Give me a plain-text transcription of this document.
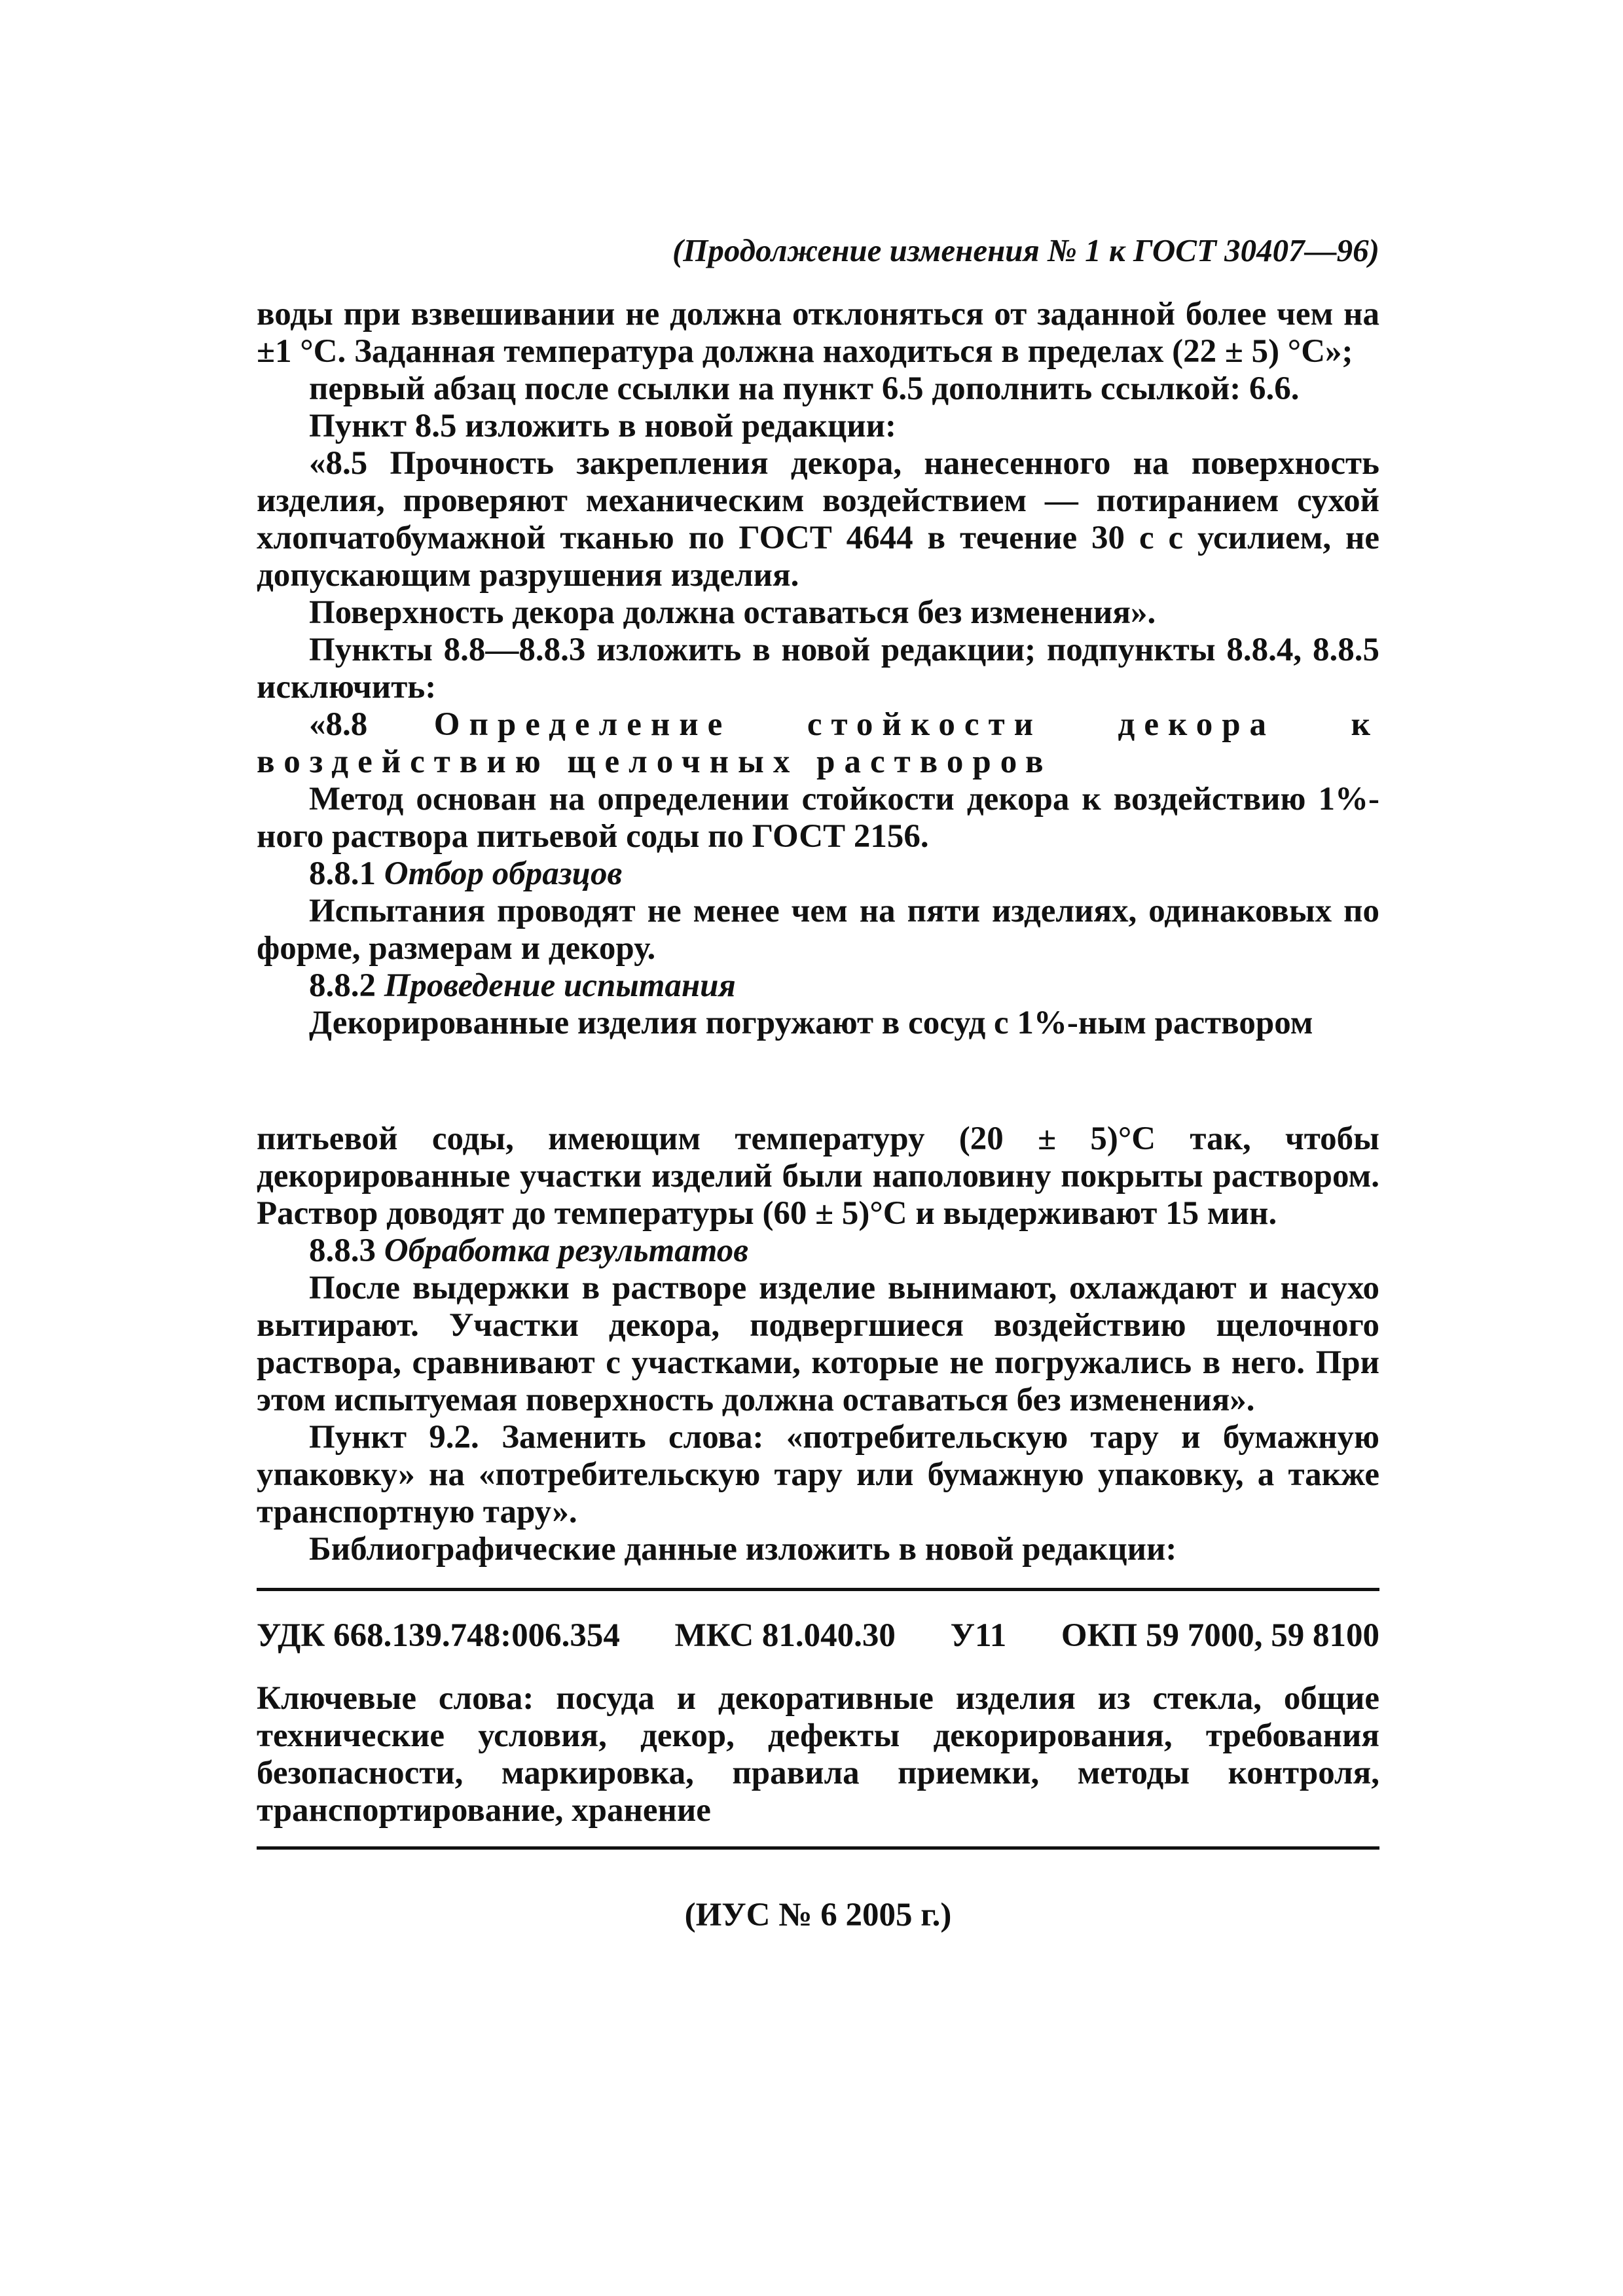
(Продолжение изменения № 1 к ГОСТ 30407—96)

воды при взвешивании не должна отклоняться от заданной более чем на ±1 °С. Заданная температура должна находиться в пределах (22 ± 5) °С»;

первый абзац после ссылки на пункт 6.5 дополнить ссылкой: 6.6.

Пункт 8.5 изложить в новой редакции:

«8.5 Прочность закрепления декора, нанесенного на поверхность изделия, проверяют механическим воздействием — потиранием сухой хлопчатобумажной тканью по ГОСТ 4644 в течение 30 с с усилием, не допускающим разрушения изделия.

Поверхность декора должна оставаться без изменения».

Пункты 8.8—8.8.3 изложить в новой редакции; подпункты 8.8.4, 8.8.5 исключить:

«8.8 Определение стойкости декора к воздействию щелочных растворов

Метод основан на определении стойкости декора к воздействию 1%-ного раствора питьевой соды по ГОСТ 2156.

8.8.1 Отбор образцов

Испытания проводят не менее чем на пяти изделиях, одинаковых по форме, размерам и декору.

8.8.2 Проведение испытания

Декорированные изделия погружают в сосуд с 1%-ным раствором

питьевой соды, имеющим температуру (20 ± 5)°С так, чтобы декорированные участки изделий были наполовину покрыты раствором. Раствор доводят до температуры (60 ± 5)°С и выдерживают 15 мин.

8.8.3 Обработка результатов

После выдержки в растворе изделие вынимают, охлаждают и насухо вытирают. Участки декора, подвергшиеся воздействию щелочного раствора, сравнивают с участками, которые не погружались в него. При этом испытуемая поверхность должна оставаться без изменения».

Пункт 9.2. Заменить слова: «потребительскую тару и бумажную упаковку» на «потребительскую тару или бумажную упаковку, а также транспортную тару».

Библиографические данные изложить в новой редакции:

УДК 668.139.748:006.354 МКС 81.040.30 У11 ОКП 59 7000, 59 8100
Ключевые слова: посуда и декоративные изделия из стекла, общие технические условия, декор, дефекты декорирования, требования безопасности, маркировка, правила приемки, методы контроля, транспортирование, хранение
(ИУС № 6 2005 г.)
